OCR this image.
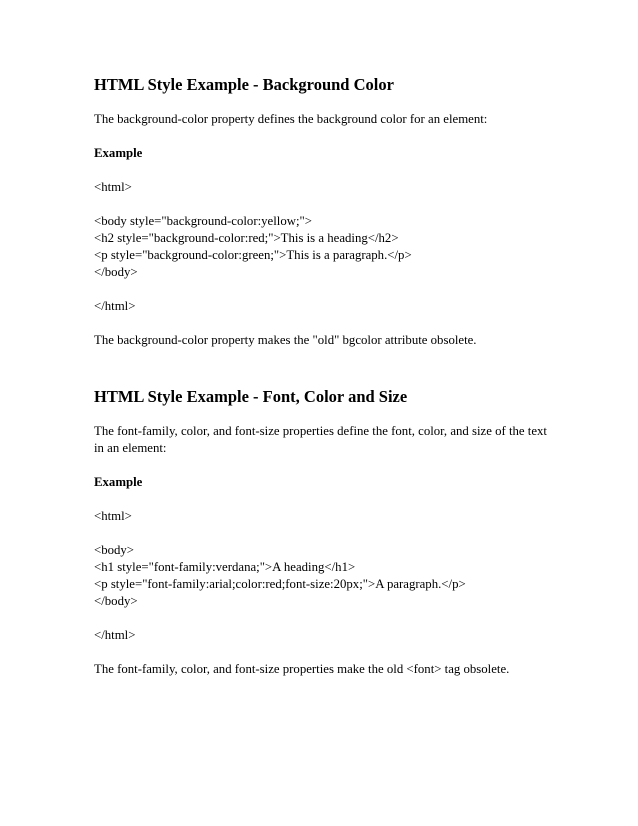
HTML Style Example - Background Color

The background-color property defines the background color for an element:

Example

<html>
<body style="background-color:yellow;">
<h2 style="background-color:red;">This is a heading</h2>
<p style="background-color:green;">This is a paragraph.</p>
</body>
</html>

The background-color property makes the "old" bgcolor attribute obsolete.

HTML Style Example - Font, Color and Size

The font-family, color, and font-size properties define the font, color, and size of the text in an element:

Example

<html>
<body>
<h1 style="font-family:verdana;">A heading</h1>
<p style="font-family:arial;color:red;font-size:20px;">A paragraph.</p>
</body>
</html>

The font-family, color, and font-size properties make the old <font> tag obsolete.
